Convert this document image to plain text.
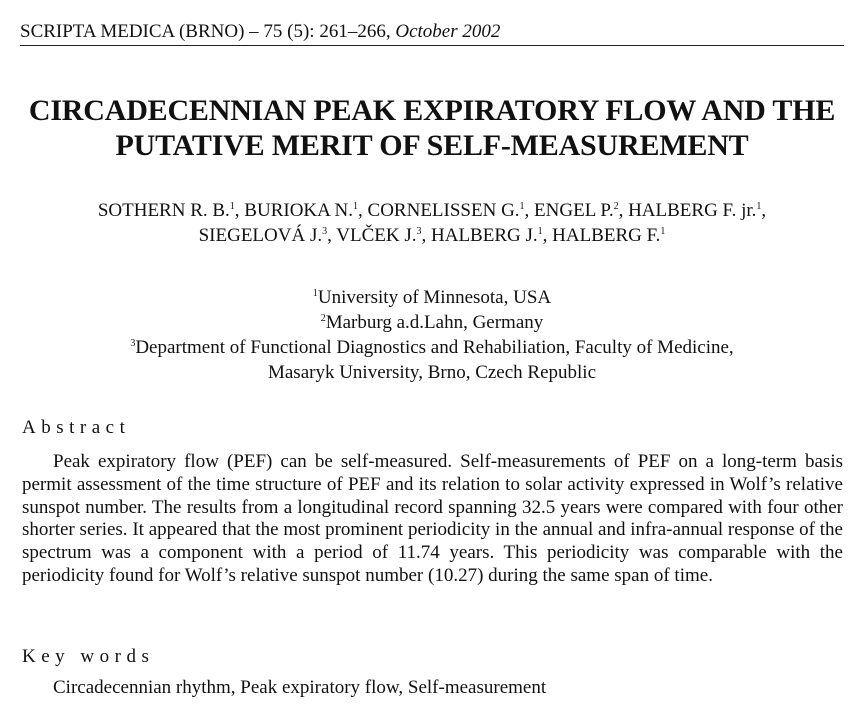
SCRIPTA MEDICA (BRNO) – 75 (5): 261–266, October 2002
CIRCADECENNIAN PEAK EXPIRATORY FLOW AND THE
PUTATIVE MERIT OF SELF-MEASUREMENT
SOTHERN R. B.$^1$, BURIOKA N.$^1$, CORNELISSEN G.$^1$, ENGEL P.$^2$, HALBERG F. jr.$^1$,
SIEGELOVÁ J.$^3$, VLČEK J.$^3$, HALBERG J.$^1$, HALBERG F.$^1$
$^1$University of Minnesota, USA
$^2$Marburg a.d.Lahn, Germany
$^3$Department of Functional Diagnostics and Rehabiliation, Faculty of Medicine,
Masaryk University, Brno, Czech Republic
Abstract

Peak expiratory flow (PEF) can be self-measured. Self-measurements of PEF on a long-term basis permit assessment of the time structure of PEF and its relation to solar activity expressed in Wolf’s relative sunspot number. The results from a longitudinal record spanning 32.5 years were compared with four other shorter series. It appeared that the most prominent periodicity in the annual and infra-annual response of the spectrum was a component with a period of 11.74 years. This periodicity was comparable with the periodicity found for Wolf’s relative sunspot number (10.27) during the same span of time.

Key words
Circadecennian rhythm, Peak expiratory flow, Self-measurement
